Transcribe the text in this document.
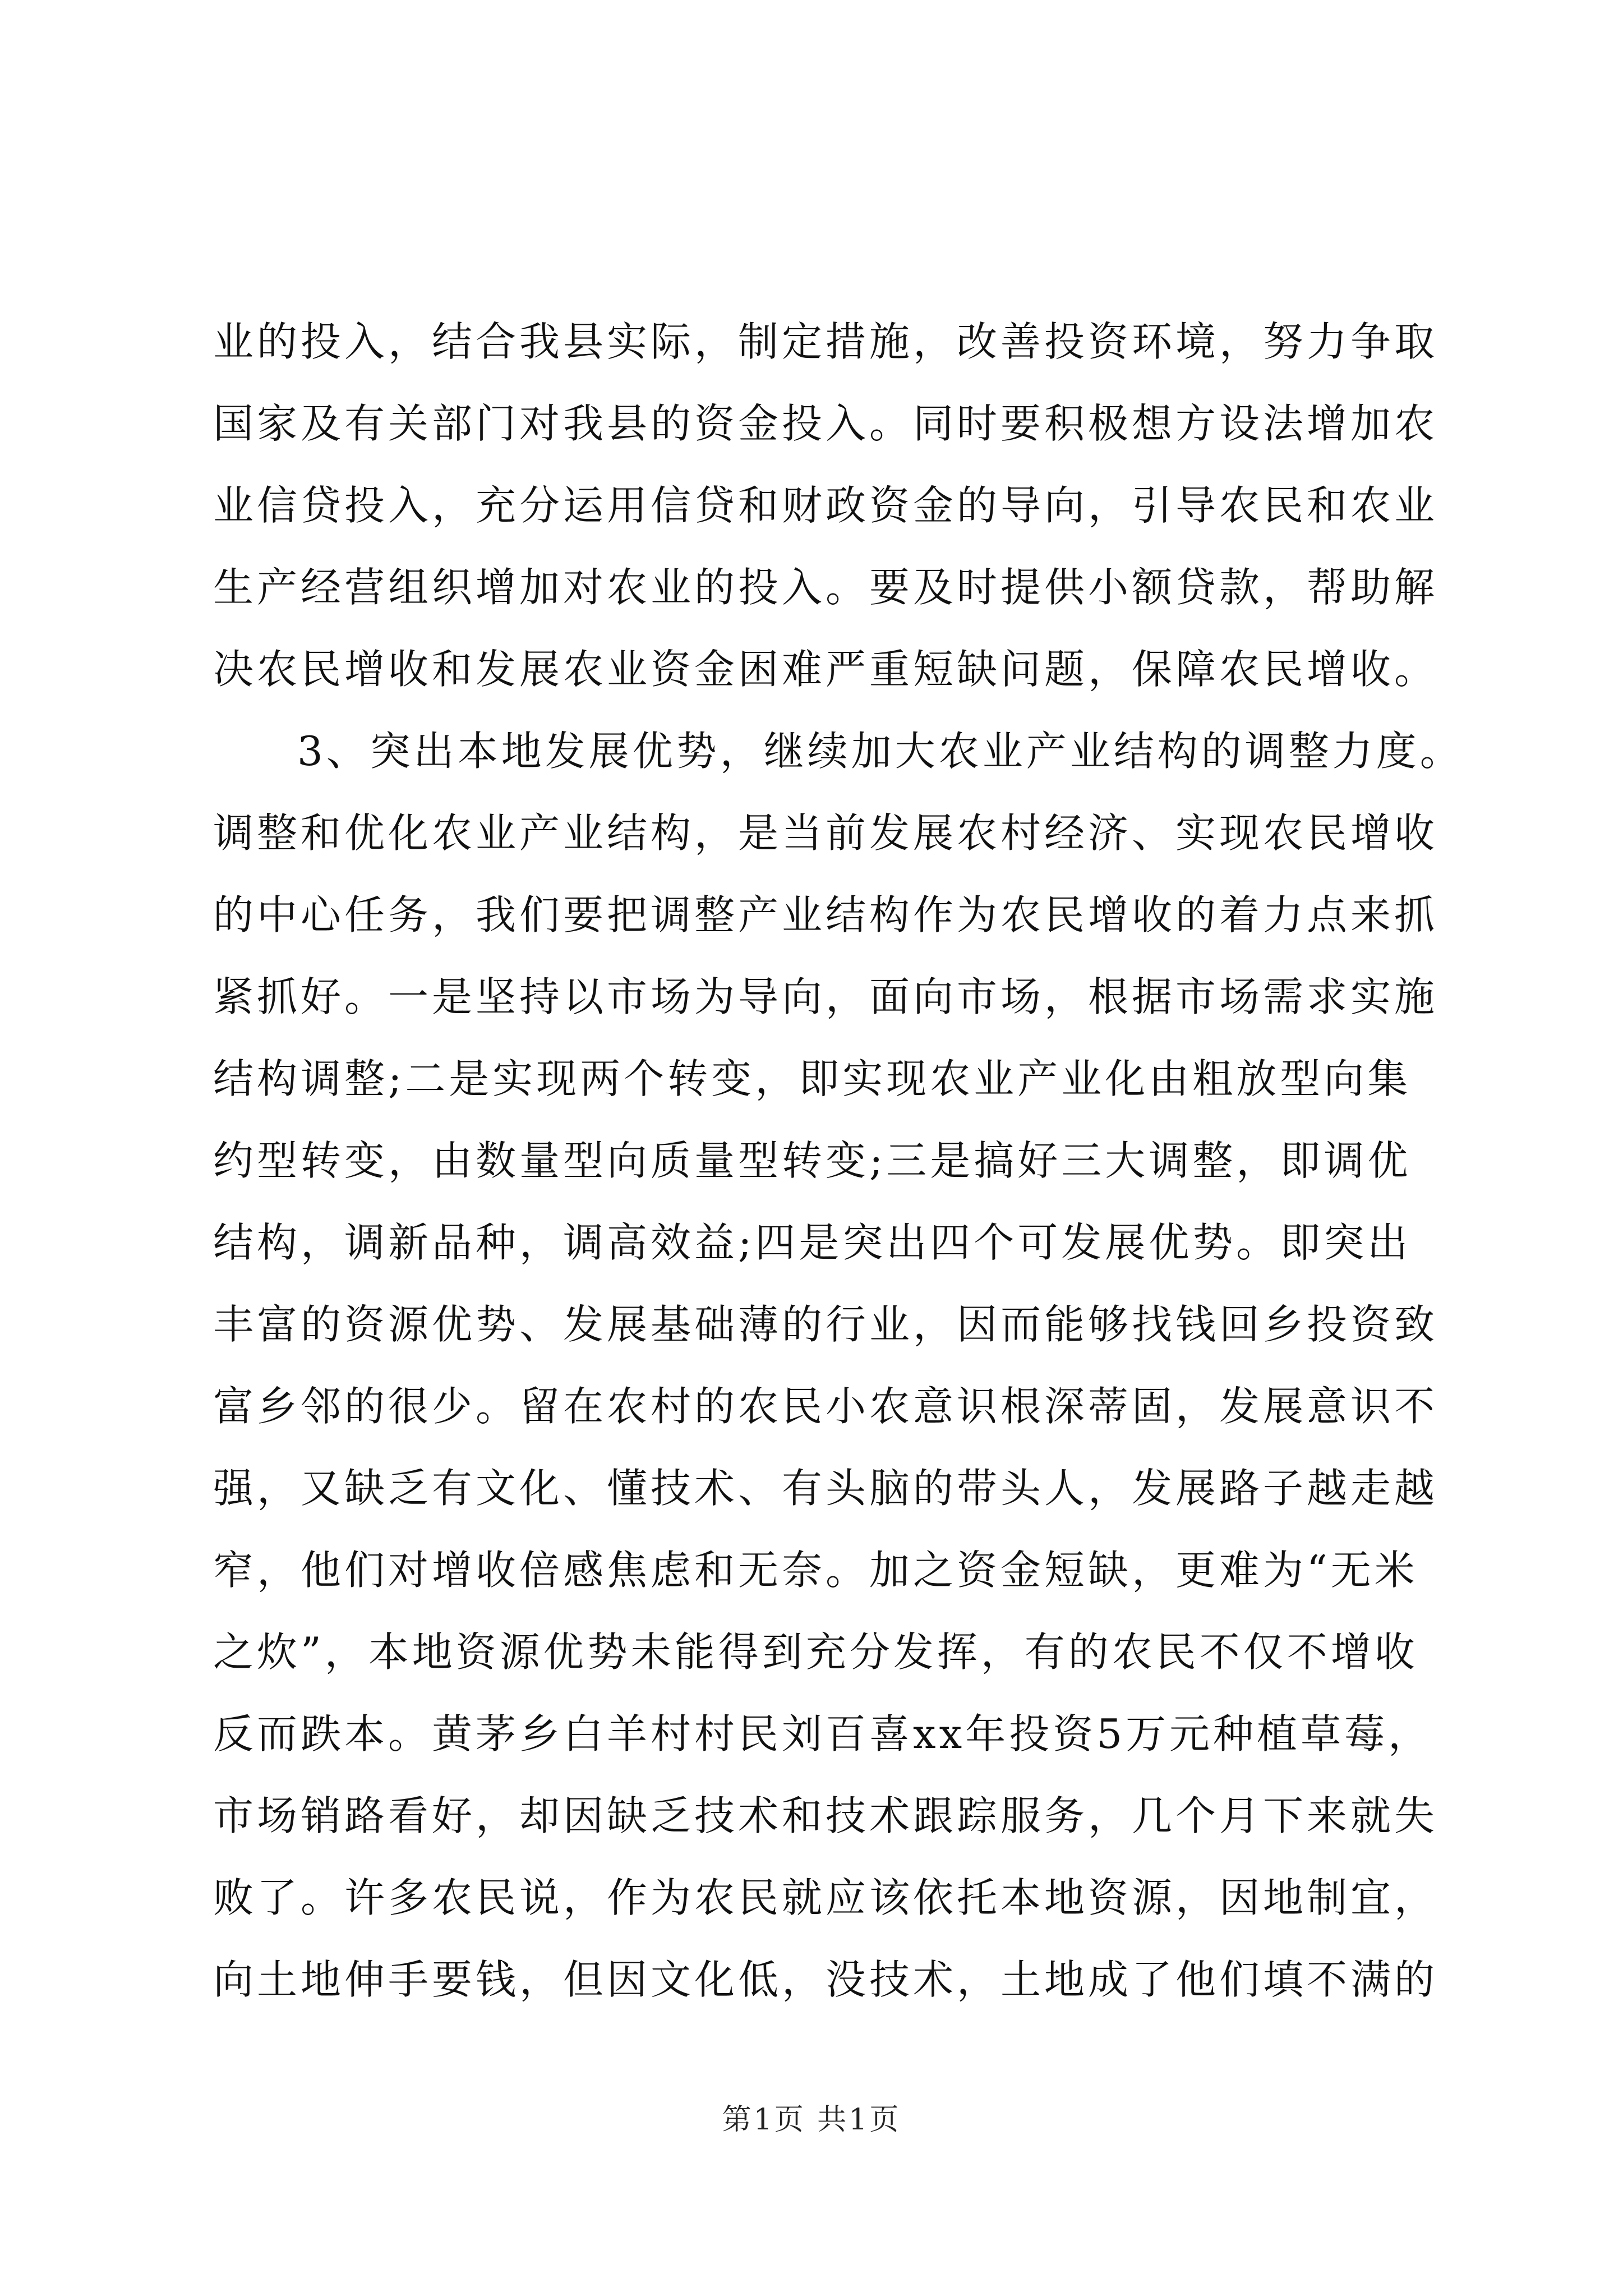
业的投入，结合我县实际，制定措施，改善投资环境，努力争取
国家及有关部门对我县的资金投入。同时要积极想方设法增加农
业信贷投入，充分运用信贷和财政资金的导向，引导农民和农业
生产经营组织增加对农业的投入。要及时提供小额贷款，帮助解
决农民增收和发展农业资金困难严重短缺问题，保障农民增收。
3、突出本地发展优势，继续加大农业产业结构的调整力度。
调整和优化农业产业结构，是当前发展农村经济、实现农民增收
的中心任务，我们要把调整产业结构作为农民增收的着力点来抓
紧抓好。一是坚持以市场为导向，面向市场，根据市场需求实施
结构调整;二是实现两个转变，即实现农业产业化由粗放型向集
约型转变，由数量型向质量型转变;三是搞好三大调整，即调优
结构，调新品种，调高效益;四是突出四个可发展优势。即突出
丰富的资源优势、发展基础薄的行业，因而能够找钱回乡投资致
富乡邻的很少。留在农村的农民小农意识根深蒂固，发展意识不
强，又缺乏有文化、懂技术、有头脑的带头人，发展路子越走越
窄，他们对增收倍感焦虑和无奈。加之资金短缺，更难为“无米
之炊”，本地资源优势未能得到充分发挥，有的农民不仅不增收
反而跌本。黄茅乡白羊村村民刘百喜xx年投资5万元种植草莓，
市场销路看好，却因缺乏技术和技术跟踪服务，几个月下来就失
败了。许多农民说，作为农民就应该依托本地资源，因地制宜，
向土地伸手要钱，但因文化低，没技术，土地成了他们填不满的
第1页 共1页
